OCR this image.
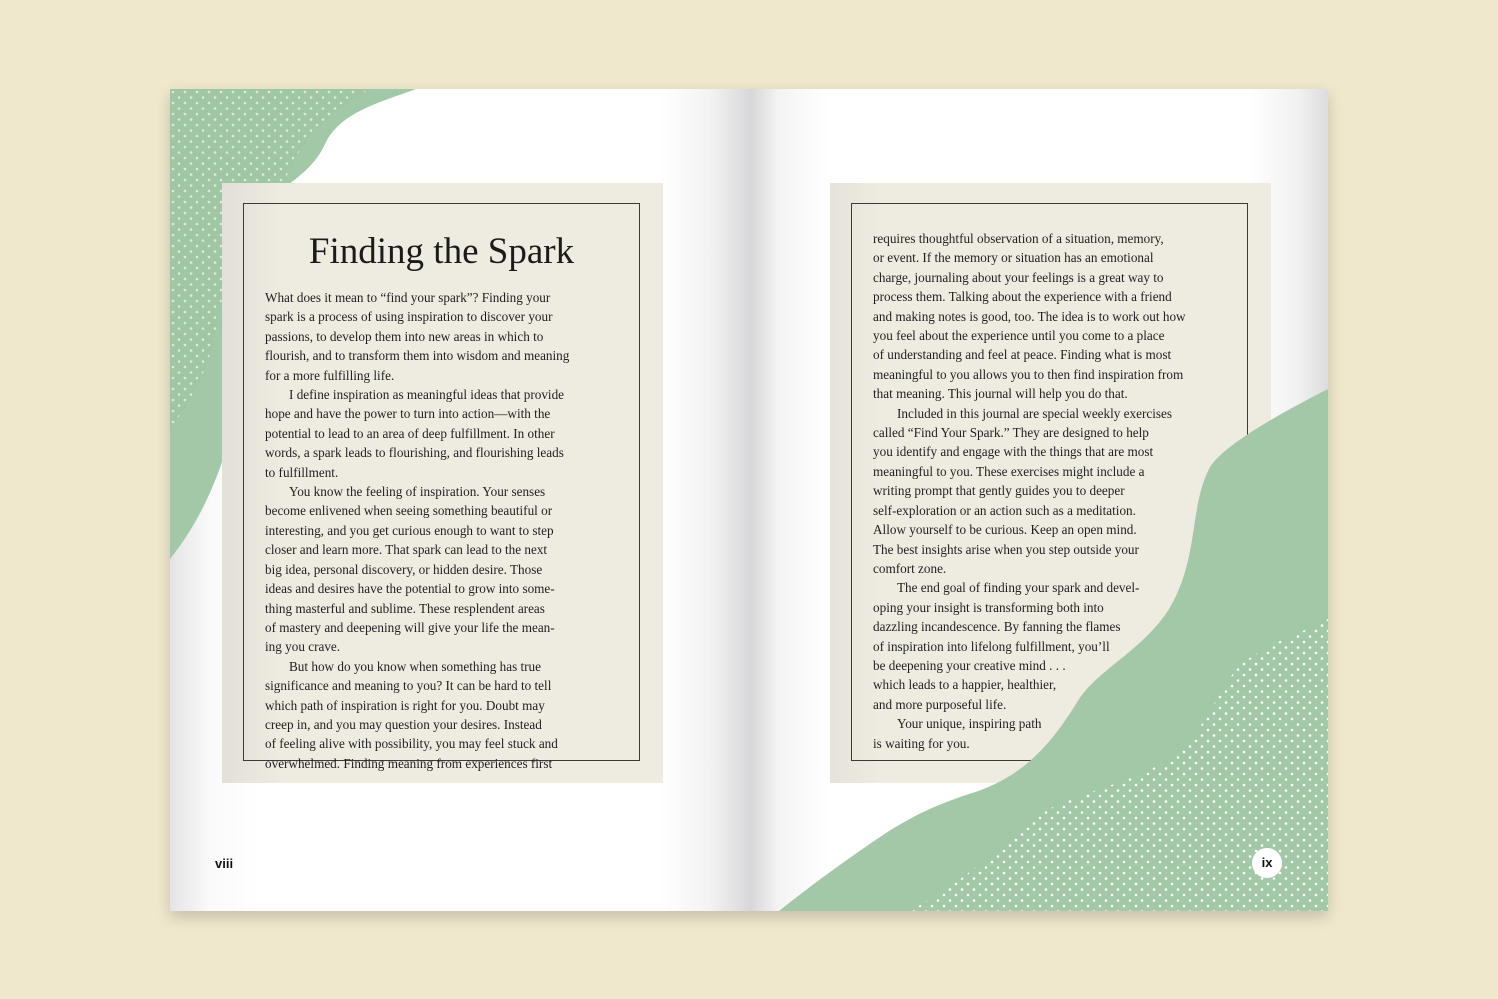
Finding the Spark

What does it mean to “find your spark”? Finding your
spark is a process of using inspiration to discover your
passions, to develop them into new areas in which to
flourish, and to transform them into wisdom and meaning
for a more fulfilling life.

I define inspiration as meaningful ideas that provide
hope and have the power to turn into action—with the
potential to lead to an area of deep fulfillment. In other
words, a spark leads to flourishing, and flourishing leads
to fulfillment.

You know the feeling of inspiration. Your senses
become enlivened when seeing something beautiful or
interesting, and you get curious enough to want to step
closer and learn more. That spark can lead to the next
big idea, personal discovery, or hidden desire. Those
ideas and desires have the potential to grow into some-
thing masterful and sublime. These resplendent areas
of mastery and deepening will give your life the mean-
ing you crave.

But how do you know when something has true
significance and meaning to you? It can be hard to tell
which path of inspiration is right for you. Doubt may
creep in, and you may question your desires. Instead
of feeling alive with possibility, you may feel stuck and
overwhelmed. Finding meaning from experiences first

viii

requires thoughtful observation of a situation, memory,
or event. If the memory or situation has an emotional
charge, journaling about your feelings is a great way to
process them. Talking about the experience with a friend
and making notes is good, too. The idea is to work out how
you feel about the experience until you come to a place
of understanding and feel at peace. Finding what is most
meaningful to you allows you to then find inspiration from
that meaning. This journal will help you do that.

Included in this journal are special weekly exercises
called “Find Your Spark.” They are designed to help
you identify and engage with the things that are most
meaningful to you. These exercises might include a
writing prompt that gently guides you to deeper
self-exploration or an action such as a meditation.
Allow yourself to be curious. Keep an open mind.
The best insights arise when you step outside your
comfort zone.

The end goal of finding your spark and devel-
oping your insight is transforming both into
dazzling incandescence. By fanning the flames
of inspiration into lifelong fulfillment, you’ll
be deepening your creative mind . . .
which leads to a happier, healthier,
and more purposeful life.

Your unique, inspiring path
is waiting for you.

ix
